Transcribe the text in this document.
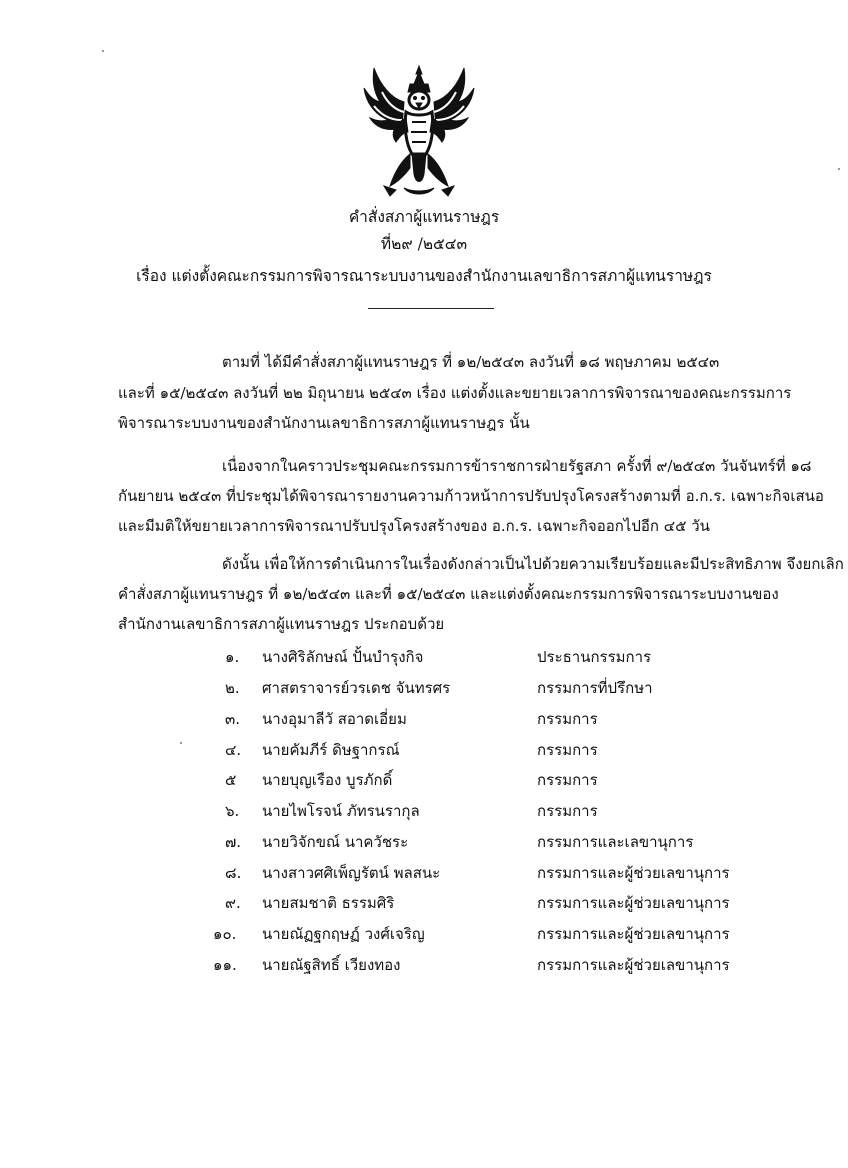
คำสั่งสภาผู้แทนราษฎร
ที่๒๙ /๒๕๔๓
เรื่อง แต่งตั้งคณะกรรมการพิจารณาระบบงานของสำนักงานเลขาธิการสภาผู้แทนราษฎร
ตามที่ ได้มีคำสั่งสภาผู้แทนราษฎร ที่ ๑๒/๒๕๔๓ ลงวันที่ ๑๘ พฤษภาคม ๒๕๔๓
และที่ ๑๕/๒๕๔๓ ลงวันที่ ๒๒ มิถุนายน ๒๕๔๓ เรื่อง แต่งตั้งและขยายเวลาการพิจารณาของคณะกรรมการ
พิจารณาระบบงานของสำนักงานเลขาธิการสภาผู้แทนราษฎร นั้น
เนื่องจากในคราวประชุมคณะกรรมการข้าราชการฝ่ายรัฐสภา ครั้งที่ ๙/๒๕๔๓ วันจันทร์ที่ ๑๘
กันยายน ๒๕๔๓ ที่ประชุมได้พิจารณารายงานความก้าวหน้าการปรับปรุงโครงสร้างตามที่ อ.ก.ร. เฉพาะกิจเสนอ
และมีมติให้ขยายเวลาการพิจารณาปรับปรุงโครงสร้างของ อ.ก.ร. เฉพาะกิจออกไปอีก ๔๕ วัน
ดังนั้น เพื่อให้การดำเนินการในเรื่องดังกล่าวเป็นไปด้วยความเรียบร้อยและมีประสิทธิภาพ จึงยกเลิก
คำสั่งสภาผู้แทนราษฎร ที่ ๑๒/๒๕๔๓ และที่ ๑๕/๒๕๔๓ และแต่งตั้งคณะกรรมการพิจารณาระบบงานของ
สำนักงานเลขาธิการสภาผู้แทนราษฎร ประกอบด้วย
๑. นางศิริลักษณ์ ปั้นบำรุงกิจ	ประธานกรรมการ
๒. ศาสตราจารย์วรเดช จันทรศร	กรรมการที่ปรึกษา
๓. นางอุมาลีวั สอาดเอี่ยม	กรรมการ
๔. นายคัมภีร์ ดิษฐากรณ์	กรรมการ
๕ นายบุญเรือง บูรภักดิ์	กรรมการ
๖. นายไพโรจน์ ภัทรนรากุล	กรรมการ
๗. นายวิจักขณ์ นาควัชระ	กรรมการและเลขานุการ
๘. นางสาวศศิเพ็ญรัตน์ พลสนะ	กรรมการและผู้ช่วยเลขานุการ
๙. นายสมชาติ ธรรมศิริ	กรรมการและผู้ช่วยเลขานุการ
๑๐. นายณัฏฐกฤษฏ์ วงศ์เจริญ	กรรมการและผู้ช่วยเลขานุการ
๑๑. นายณัฐสิทธิ์ เวียงทอง	กรรมการและผู้ช่วยเลขานุการ
